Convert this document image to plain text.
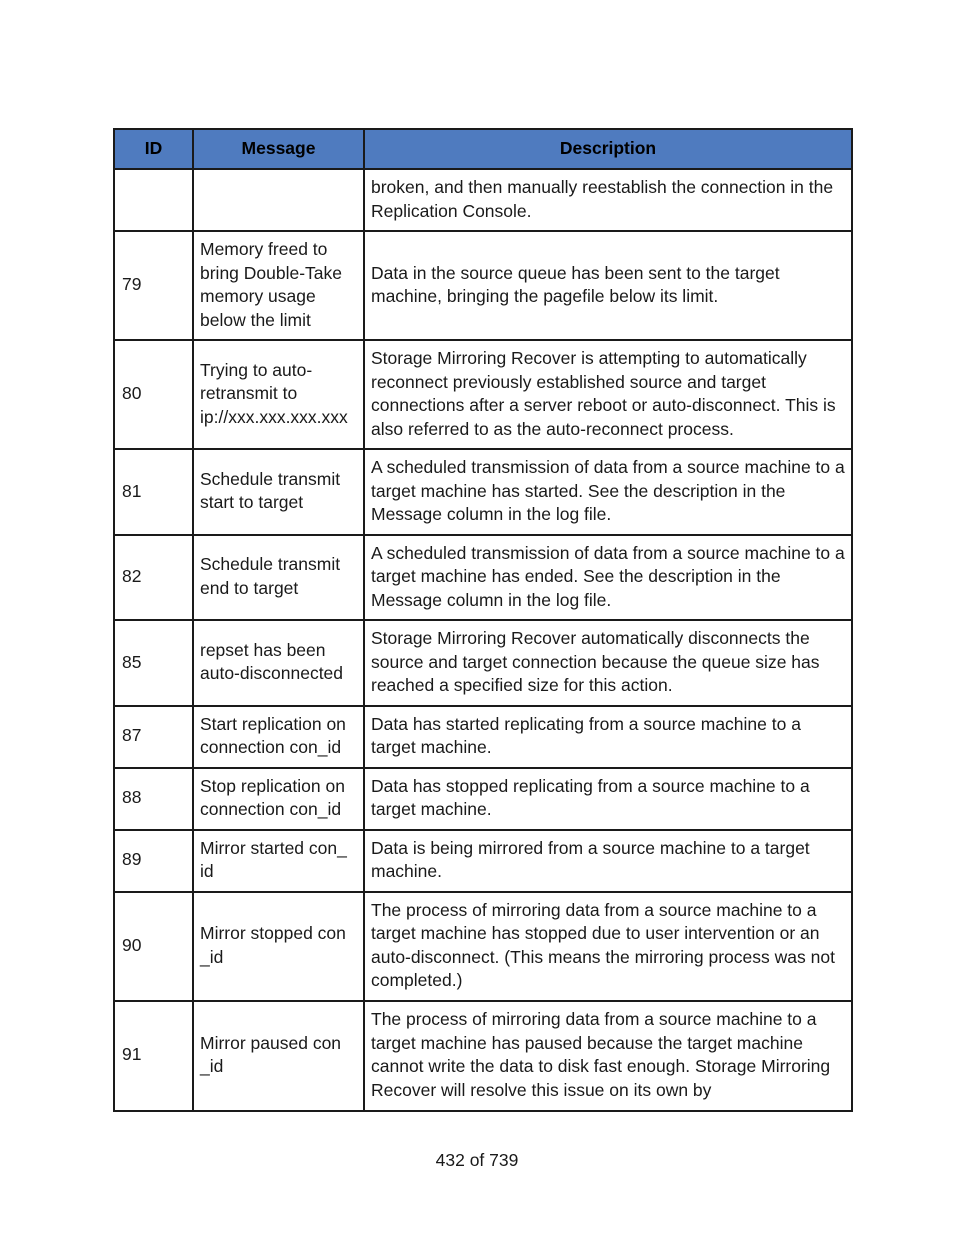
ID	Message	Description
		broken, and then manually reestablish the connection in the Replication Console.
79	Memory freed to bring Double-Take memory usage below the limit	Data in the source queue has been sent to the target machine, bringing the pagefile below its limit.
80	Trying to auto-retransmit to ip://xxx.xxx.xxx.xxx	Storage Mirroring Recover is attempting to automatically reconnect previously established source and target connections after a server reboot or auto-disconnect. This is also referred to as the auto-reconnect process.
81	Schedule transmit start to target	A scheduled transmission of data from a source machine to a target machine has started. See the description in the Message column in the log file.
82	Schedule transmit end to target	A scheduled transmission of data from a source machine to a target machine has ended. See the description in the Message column in the log file.
85	repset has been auto-disconnected	Storage Mirroring Recover automatically disconnects the source and target connection because the queue size has reached a specified size for this action.
87	Start replication on connection con_id	Data has started replicating from a source machine to a target machine.
88	Stop replication on connection con_id	Data has stopped replicating from a source machine to a target machine.
89	Mirror started con_ id	Data is being mirrored from a source machine to a target machine.
90	Mirror stopped con _id	The process of mirroring data from a source machine to a target machine has stopped due to user intervention or an auto-disconnect. (This means the mirroring process was not completed.)
91	Mirror paused con _id	The process of mirroring data from a source machine to a target machine has paused because the target machine cannot write the data to disk fast enough. Storage Mirroring Recover will resolve this issue on its own by
432 of 739
